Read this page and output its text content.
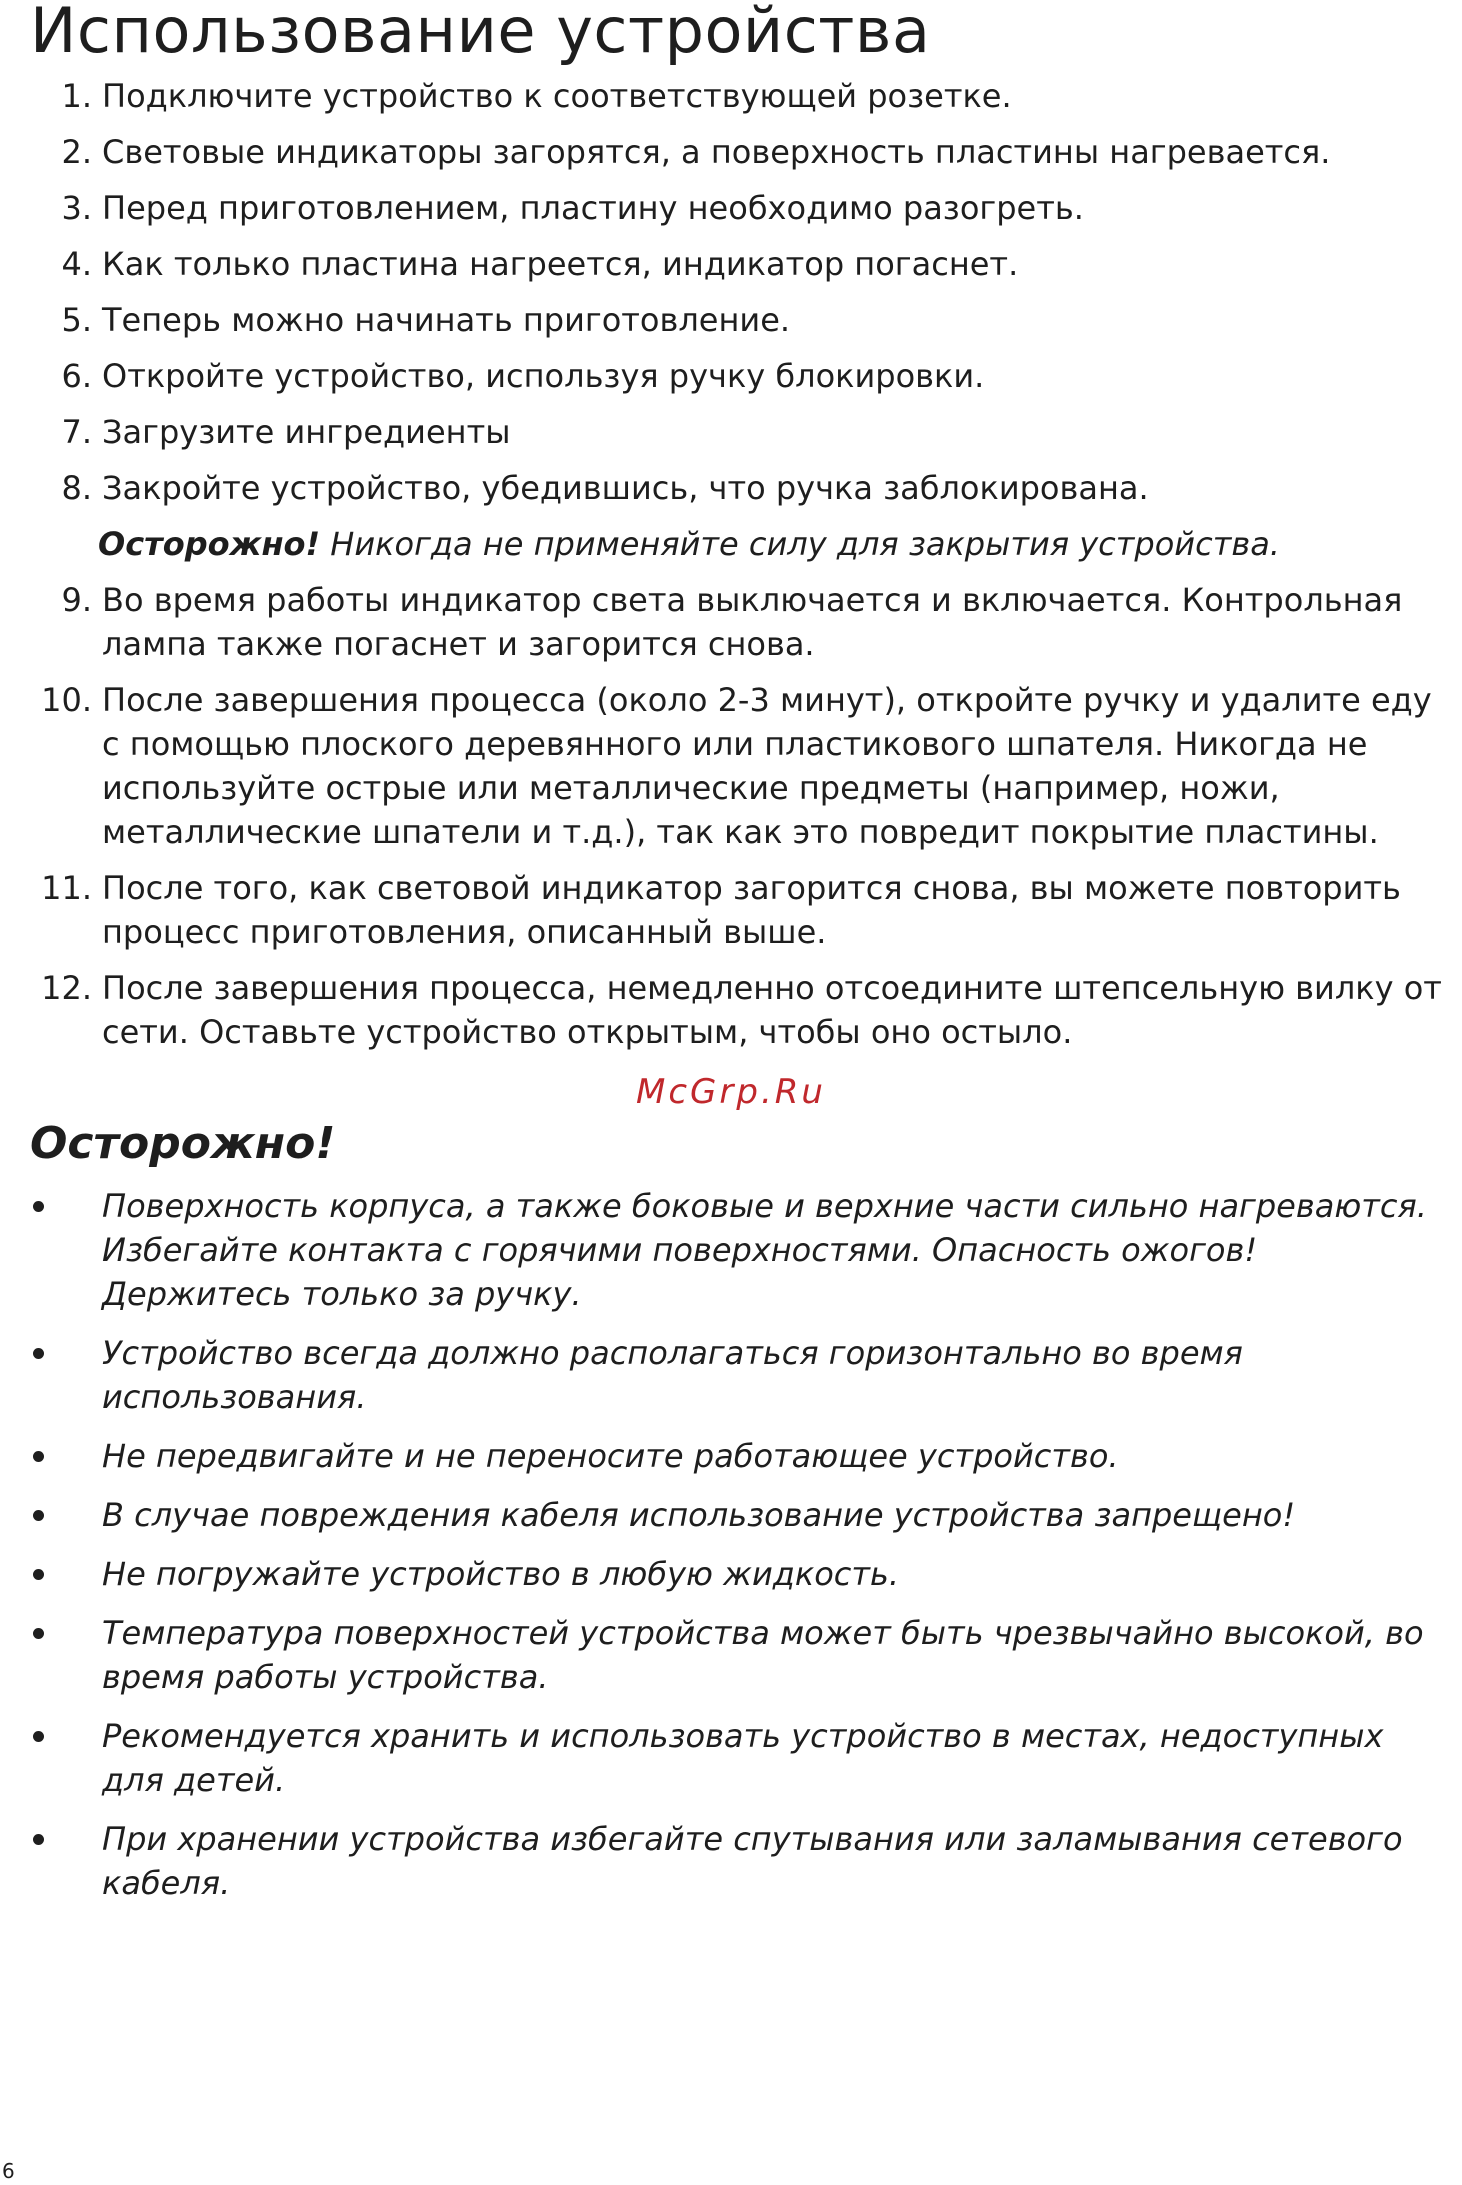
Использование устройства
1. Подключите устройство к соответствующей розетке.
2. Световые индикаторы загорятся, а поверхность пластины нагревается.
3. Перед приготовлением, пластину необходимо разогреть.
4. Как только пластина нагреется, индикатор погаснет.
5. Теперь можно начинать приготовление.
6. Откройте устройство, используя ручку блокировки.
7. Загрузите ингредиенты
8. Закройте устройство, убедившись, что ручка заблокирована.
Осторожно! Никогда не применяйте силу для закрытия устройства.
9. Во время работы индикатор света выключается и включается. Контрольная лампа также погаснет и загорится снова.
10. После завершения процесса (около 2-3 минут), откройте ручку и удалите еду с помощью плоского деревянного или пластикового шпателя. Никогда не используйте острые или металлические предметы (например, ножи, металлические шпатели и т.д.), так как это повредит покрытие пластины.
11. После того, как световой индикатор загорится снова, вы можете повторить процесс приготовления, описанный выше.
12. После завершения процесса, немедленно отсоедините штепсельную вилку от сети. Оставьте устройство открытым, чтобы оно остыло.
McGrp.Ru
Осторожно!
Поверхность корпуса, а также боковые и верхние части сильно нагреваются. Избегайте контакта с горячими поверхностями. Опасность ожогов! Держитесь только за ручку.
Устройство всегда должно располагаться горизонтально во время использования.
Не передвигайте и не переносите работающее устройство.
В случае повреждения кабеля использование устройства запрещено!
Не погружайте устройство в любую жидкость.
Температура поверхностей устройства может быть чрезвычайно высокой, во время работы устройства.
Рекомендуется хранить и использовать устройство в местах, недоступных для детей.
При хранении устройства избегайте спутывания или заламывания сетевого кабеля.
6
